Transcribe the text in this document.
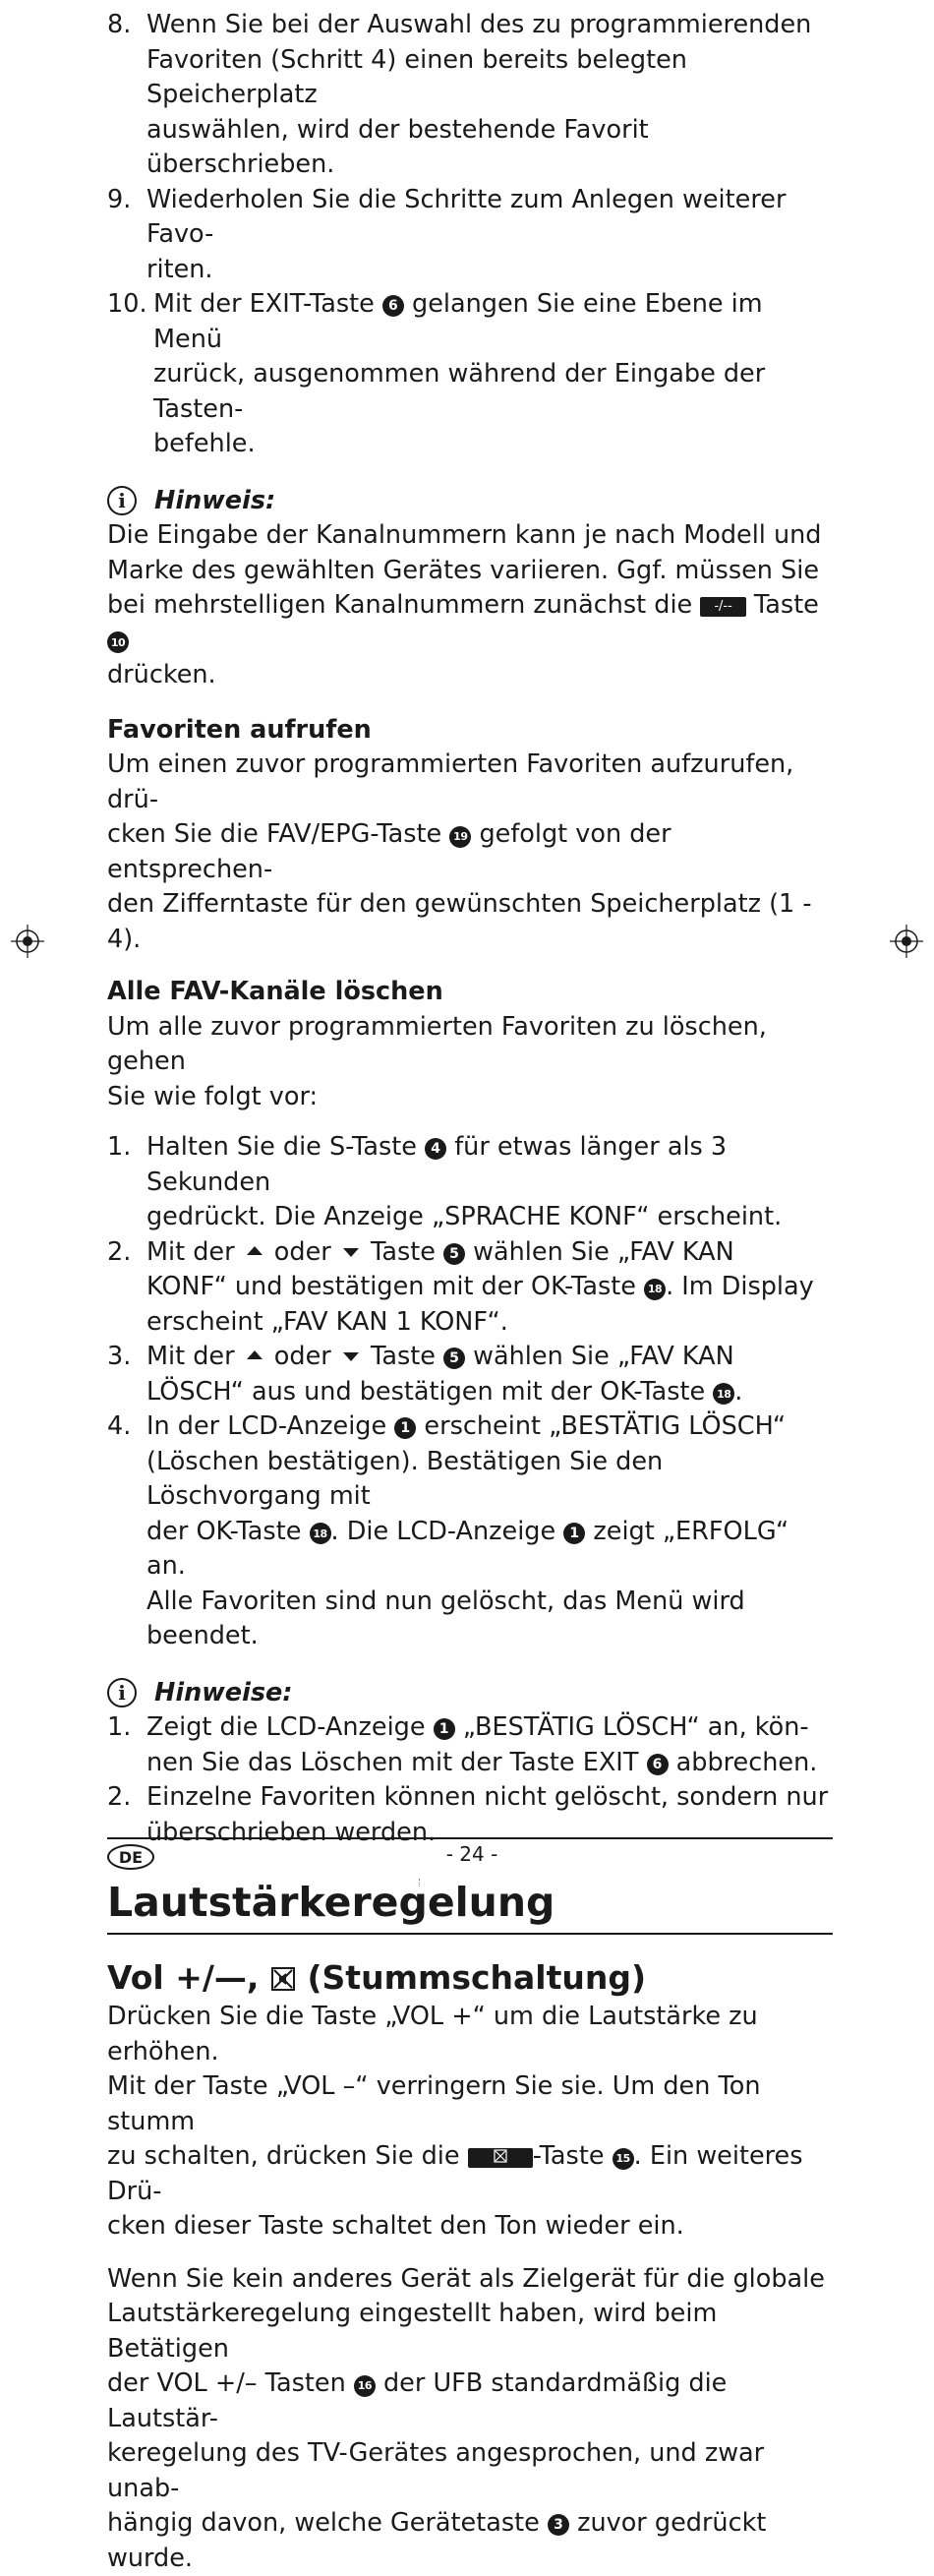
8. Wenn Sie bei der Auswahl des zu programmierenden
Favoriten (Schritt 4) einen bereits belegten Speicherplatz
auswählen, wird der bestehende Favorit überschrieben.
9. Wiederholen Sie die Schritte zum Anlegen weiterer Favo-
riten.
10. Mit der EXIT-Taste 6 gelangen Sie eine Ebene im Menü
zurück, ausgenommen während der Eingabe der Tasten-
befehle.
i	Hinweis:

Die Eingabe der Kanalnummern kann je nach Modell und
Marke des gewählten Gerätes variieren. Ggf. müssen Sie
bei mehrstelligen Kanalnummern zunächst die -/-- Taste 10
drücken.

Favoriten aufrufen

Um einen zuvor programmierten Favoriten aufzurufen, drü-
cken Sie die FAV/EPG-Taste 19 gefolgt von der entsprechen-
den Zifferntaste für den gewünschten Speicherplatz (1 - 4).

Alle FAV-Kanäle löschen

Um alle zuvor programmierten Favoriten zu löschen, gehen
Sie wie folgt vor:

1. Halten Sie die S-Taste 4 für etwas länger als 3 Sekunden
gedrückt. Die Anzeige „SPRACHE KONF“ erscheint.
2. Mit der oder Taste 5 wählen Sie „FAV KAN
KONF“ und bestätigen mit der OK-Taste 18 . Im Display
erscheint „FAV KAN 1 KONF“.
3. Mit der oder Taste 5 wählen Sie „FAV KAN
LÖSCH“ aus und bestätigen mit der OK-Taste 18 .
4. In der LCD-Anzeige 1 erscheint „BESTÄTIG LÖSCH“
(Löschen bestätigen). Bestätigen Sie den Löschvorgang mit
der OK-Taste 18 . Die LCD-Anzeige 1 zeigt „ERFOLG“ an.
Alle Favoriten sind nun gelöscht, das Menü wird beendet.
i	Hinweise:
1. Zeigt die LCD-Anzeige 1 „BESTÄTIG LÖSCH“ an, kön-
nen Sie das Löschen mit der Taste EXIT 6 abbrechen.
2. Einzelne Favoriten können nicht gelöscht, sondern nur
überschrieben werden.
Lautstärkeregelung
Vol +/—, (Stummschaltung)

Drücken Sie die Taste „VOL +“ um die Lautstärke zu erhöhen.
Mit der Taste „VOL –“ verringern Sie sie. Um den Ton stumm
zu schalten, drücken Sie die	-Taste 15 . Ein weiteres Drü-
cken dieser Taste schaltet den Ton wieder ein.

Wenn Sie kein anderes Gerät als Zielgerät für die globale
Lautstärkeregelung eingestellt haben, wird beim Betätigen
der VOL +/– Tasten 16 der UFB standardmäßig die Lautstär-
keregelung des TV-Gerätes angesprochen, und zwar unab-
hängig davon, welche Gerätetaste 3 zuvor gedrückt wurde.

DE	- 24 -
